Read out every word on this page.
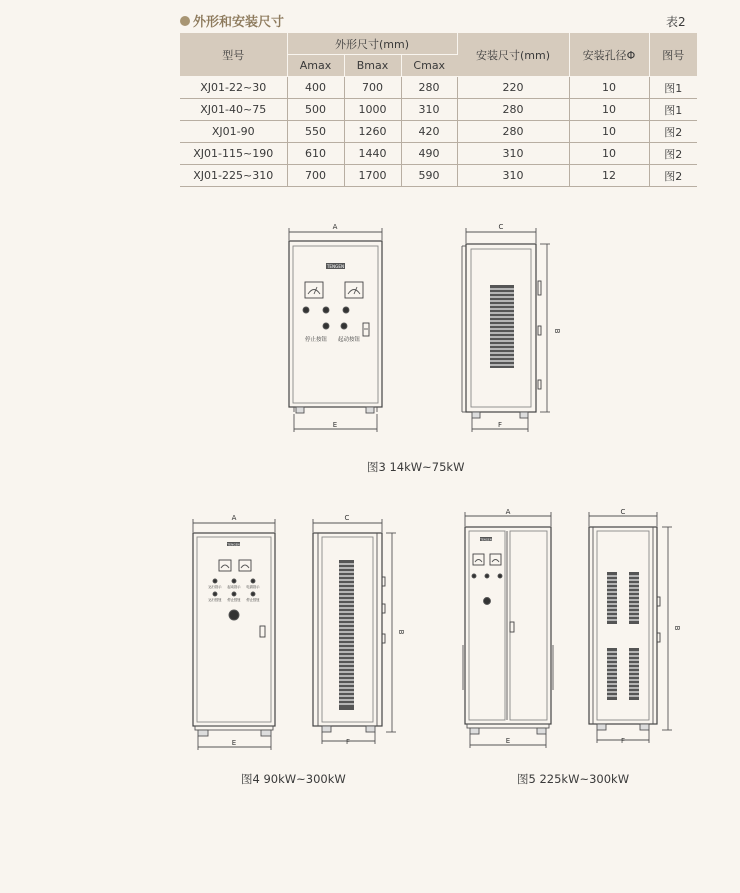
外形和安装尺寸	表2
型号	外形尺寸(mm)			安装尺寸(mm)	安装孔径Φ	图号
	Amax	Bmax	Cmax			
XJ01-22~30	400	700	280	220	10	图1
XJ01-40~75	500	1000	310	280	10	图1
XJ01-90	550	1260	420	280	10	图2
XJ01-115~190	610	1440	490	310	10	图2
XJ01-225~310	700	1700	590	310	12	图2
TENGEN
停止按钮 起动按钮
A
E
C
B
F
TENGEN
运行指示 起动指示 电源指示
运行按钮 停止按钮 停止按钮
A
E
C
B
F
TENGEN
A
E
C
B
F
图3 14kW~75kW
图4 90kW~300kW	图5 225kW~300kW
